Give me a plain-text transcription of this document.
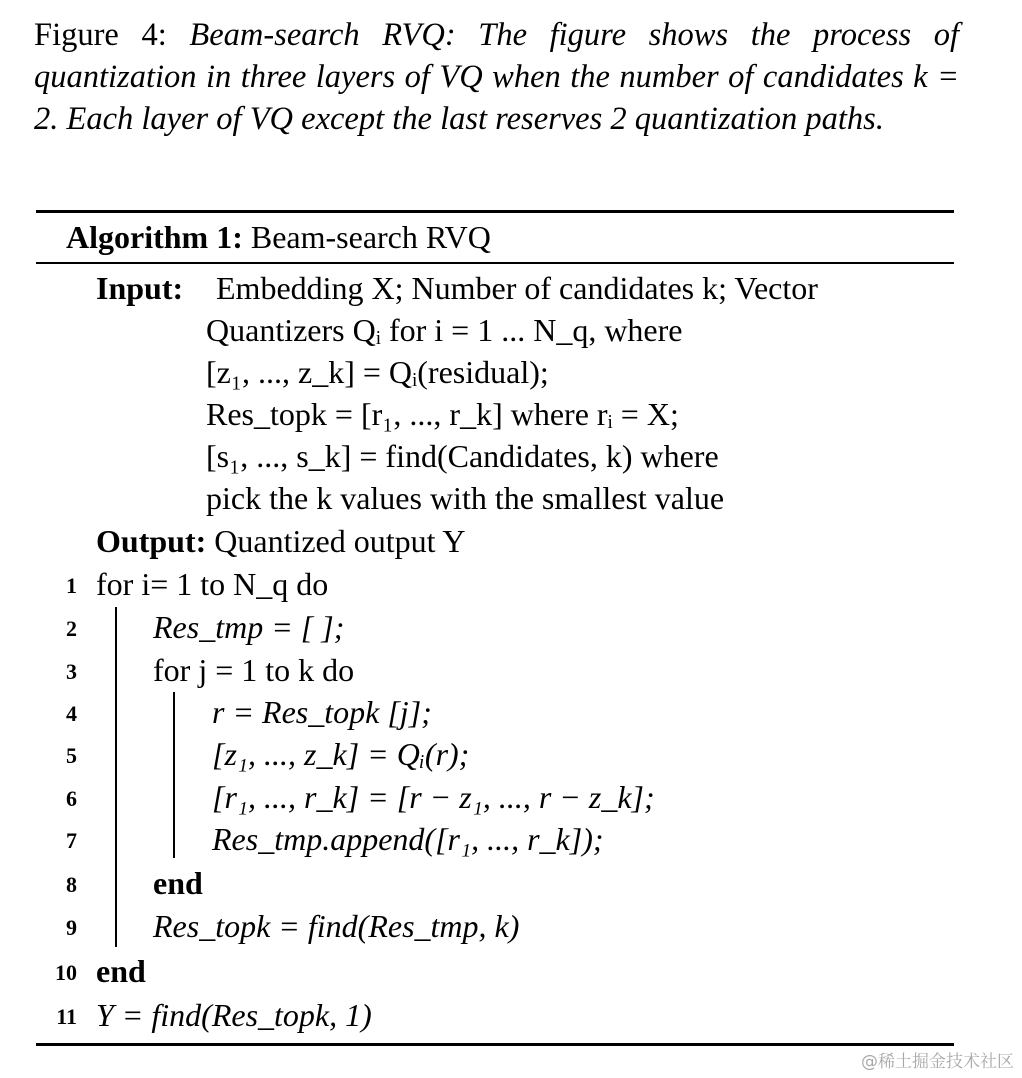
Figure 4: Beam-search RVQ: The figure shows the process of quantization in three layers of VQ when the number of candidates k = 2. Each layer of VQ except the last reserves 2 quantization paths.
Algorithm 1: Beam-search RVQ
Input: Embedding X; Number of candidates k; Vector
Quantizers Qᵢ for i = 1 ... N_q, where
[z₁, ..., z_k] = Qᵢ(residual);
Res_topk = [r₁, ..., r_k] where rᵢ = X;
[s₁, ..., s_k] = find(Candidates, k) where
pick the k values with the smallest value
Output: Quantized output Y
1 for i= 1 to N_q do
2 Res_tmp = [ ];
3 for j = 1 to k do
4	r = Res_topk [j];
5	[z₁, ..., z_k] = Qᵢ(r);
6	[r₁, ..., r_k] = [r − z₁, ..., r − z_k];
7	Res_tmp.append([r₁, ..., r_k]);
8 end
9 Res_topk = find(Res_tmp, k)
10 end
11 Y = find(Res_topk, 1)
@稀土掘金技术社区
